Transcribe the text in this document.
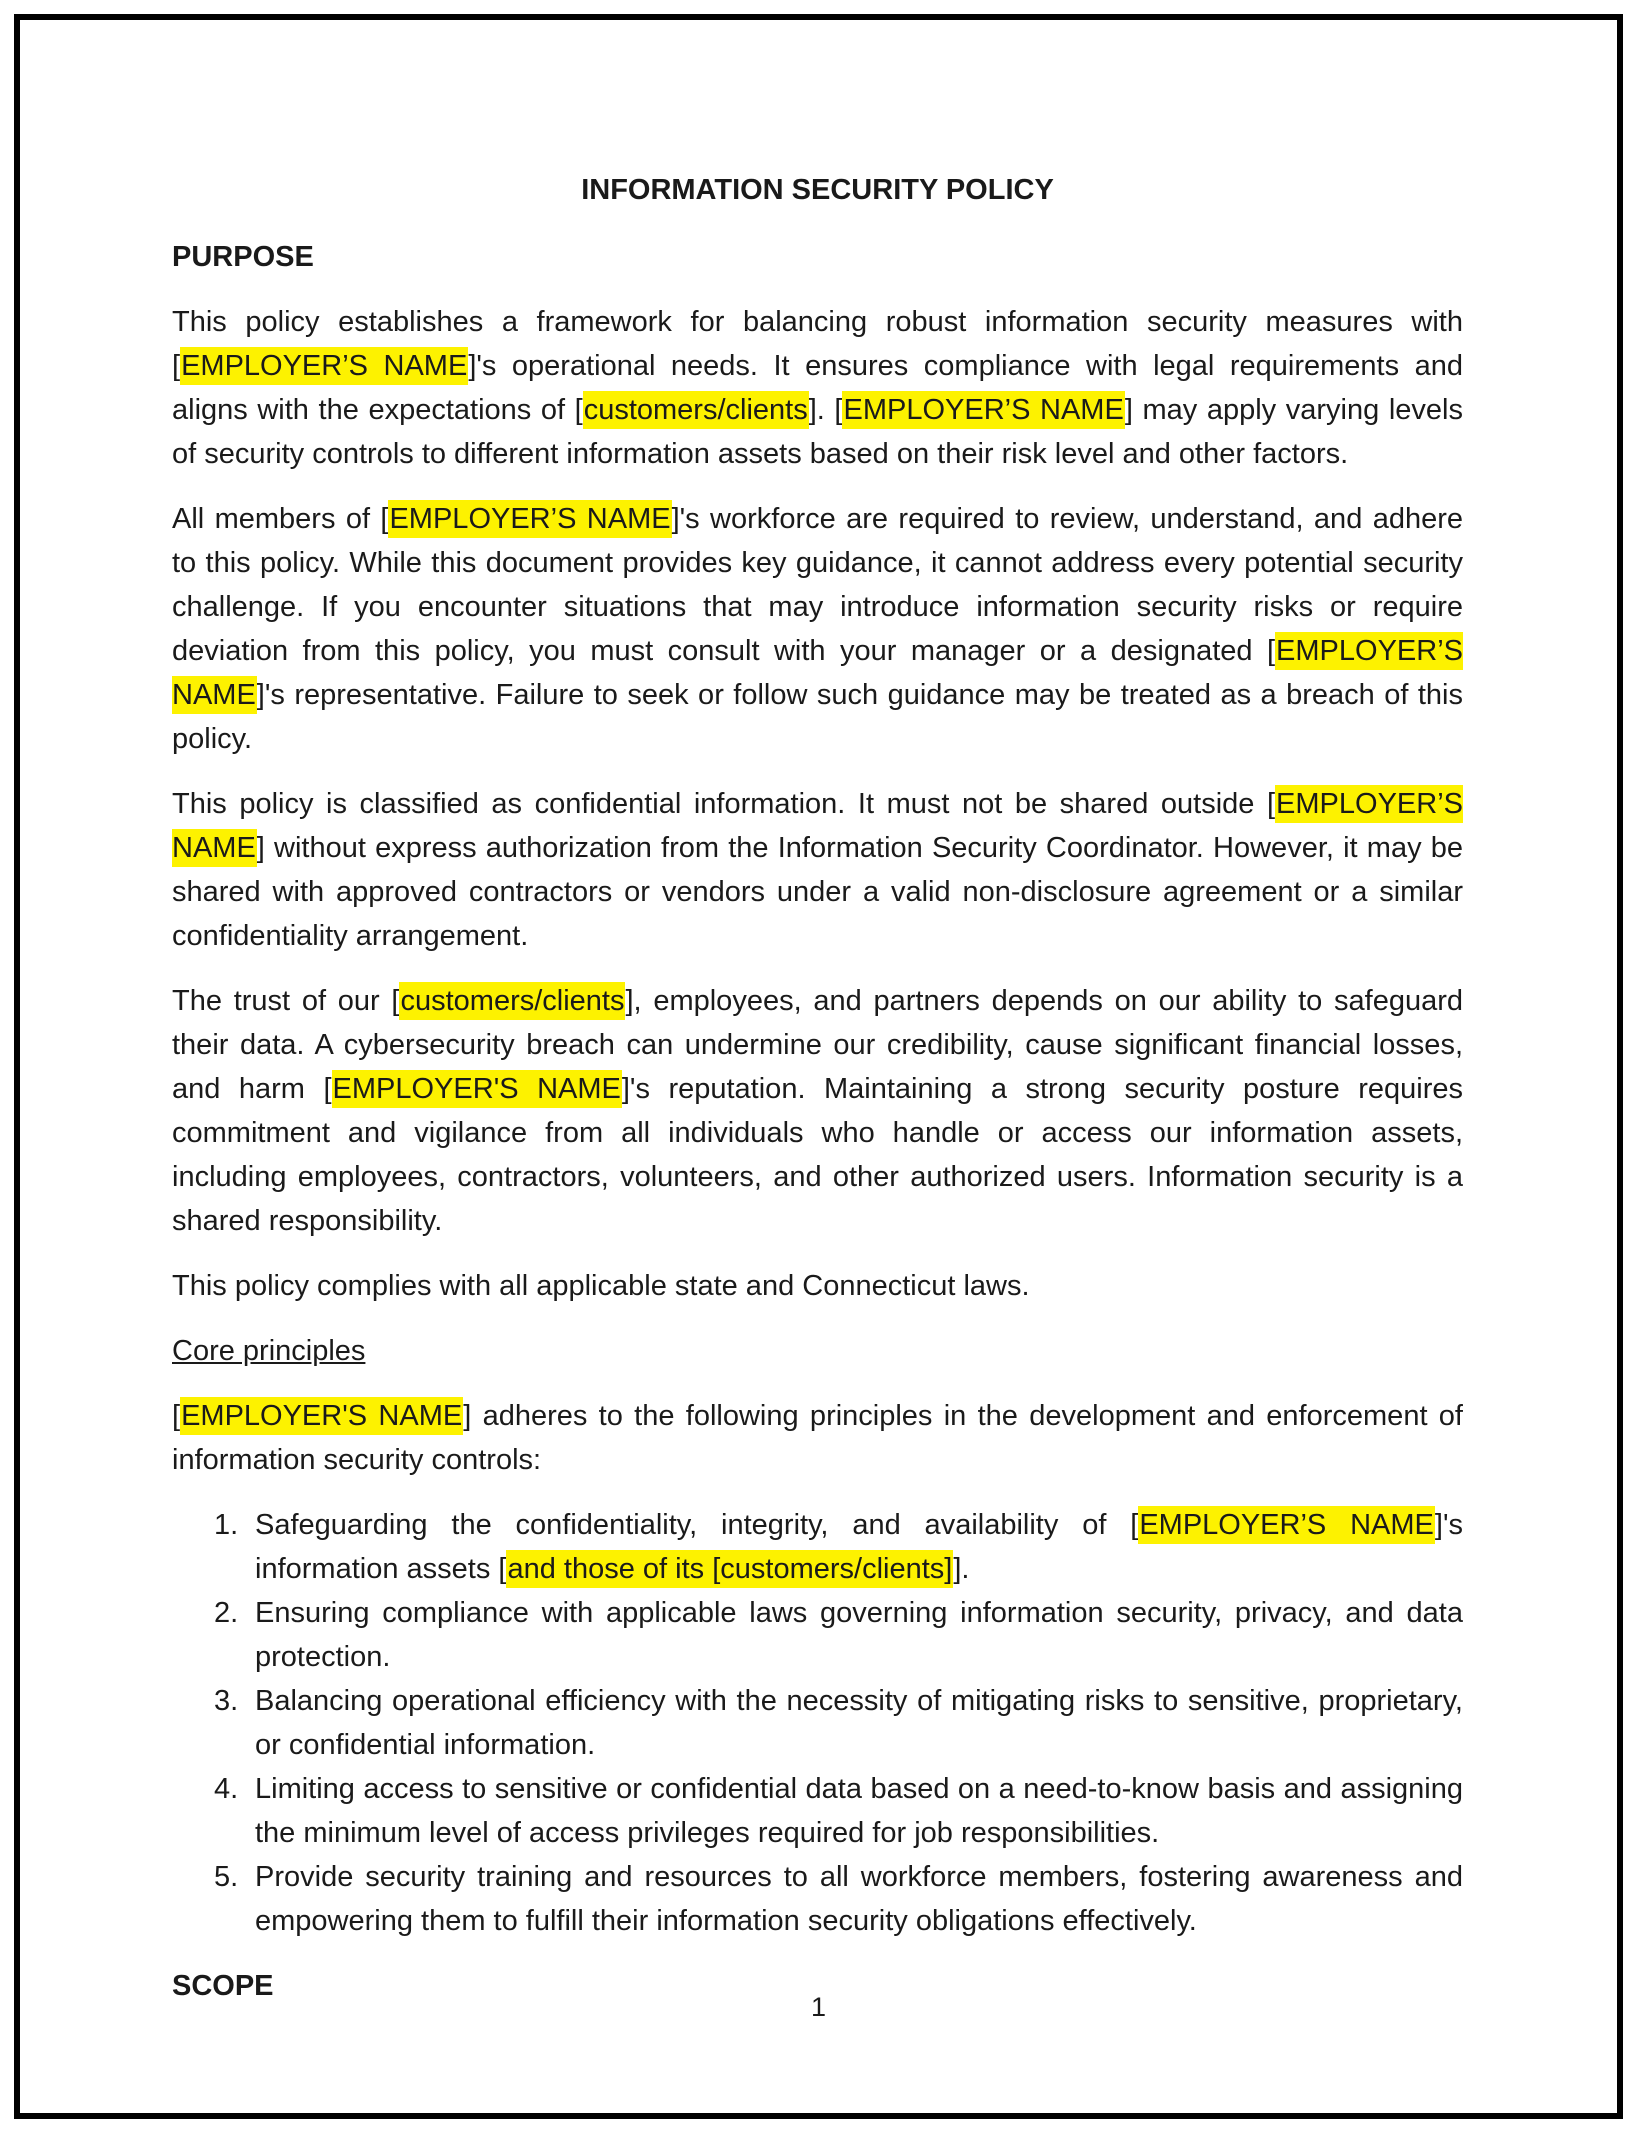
INFORMATION SECURITY POLICY
PURPOSE
This policy establishes a framework for balancing robust information security measures with [EMPLOYER’S NAME]'s operational needs. It ensures compliance with legal requirements and aligns with the expectations of [customers/clients]. [EMPLOYER’S NAME] may apply varying levels of security controls to different information assets based on their risk level and other factors.
All members of [EMPLOYER’S NAME]'s workforce are required to review, understand, and adhere to this policy. While this document provides key guidance, it cannot address every potential security challenge. If you encounter situations that may introduce information security risks or require deviation from this policy, you must consult with your manager or a designated [EMPLOYER’S NAME]'s representative. Failure to seek or follow such guidance may be treated as a breach of this policy.
This policy is classified as confidential information. It must not be shared outside [EMPLOYER’S NAME] without express authorization from the Information Security Coordinator. However, it may be shared with approved contractors or vendors under a valid non-disclosure agreement or a similar confidentiality arrangement.
The trust of our [customers/clients], employees, and partners depends on our ability to safeguard their data. A cybersecurity breach can undermine our credibility, cause significant financial losses, and harm [EMPLOYER'S NAME]'s reputation. Maintaining a strong security posture requires commitment and vigilance from all individuals who handle or access our information assets, including employees, contractors, volunteers, and other authorized users. Information security is a shared responsibility.
This policy complies with all applicable state and Connecticut laws.
Core principles
[EMPLOYER'S NAME] adheres to the following principles in the development and enforcement of information security controls:
1. Safeguarding the confidentiality, integrity, and availability of [EMPLOYER’S NAME]'s information assets [and those of its [customers/clients]].
2. Ensuring compliance with applicable laws governing information security, privacy, and data protection.
3. Balancing operational efficiency with the necessity of mitigating risks to sensitive, proprietary, or confidential information.
4. Limiting access to sensitive or confidential data based on a need-to-know basis and assigning the minimum level of access privileges required for job responsibilities.
5. Provide security training and resources to all workforce members, fostering awareness and empowering them to fulfill their information security obligations effectively.
SCOPE
1
